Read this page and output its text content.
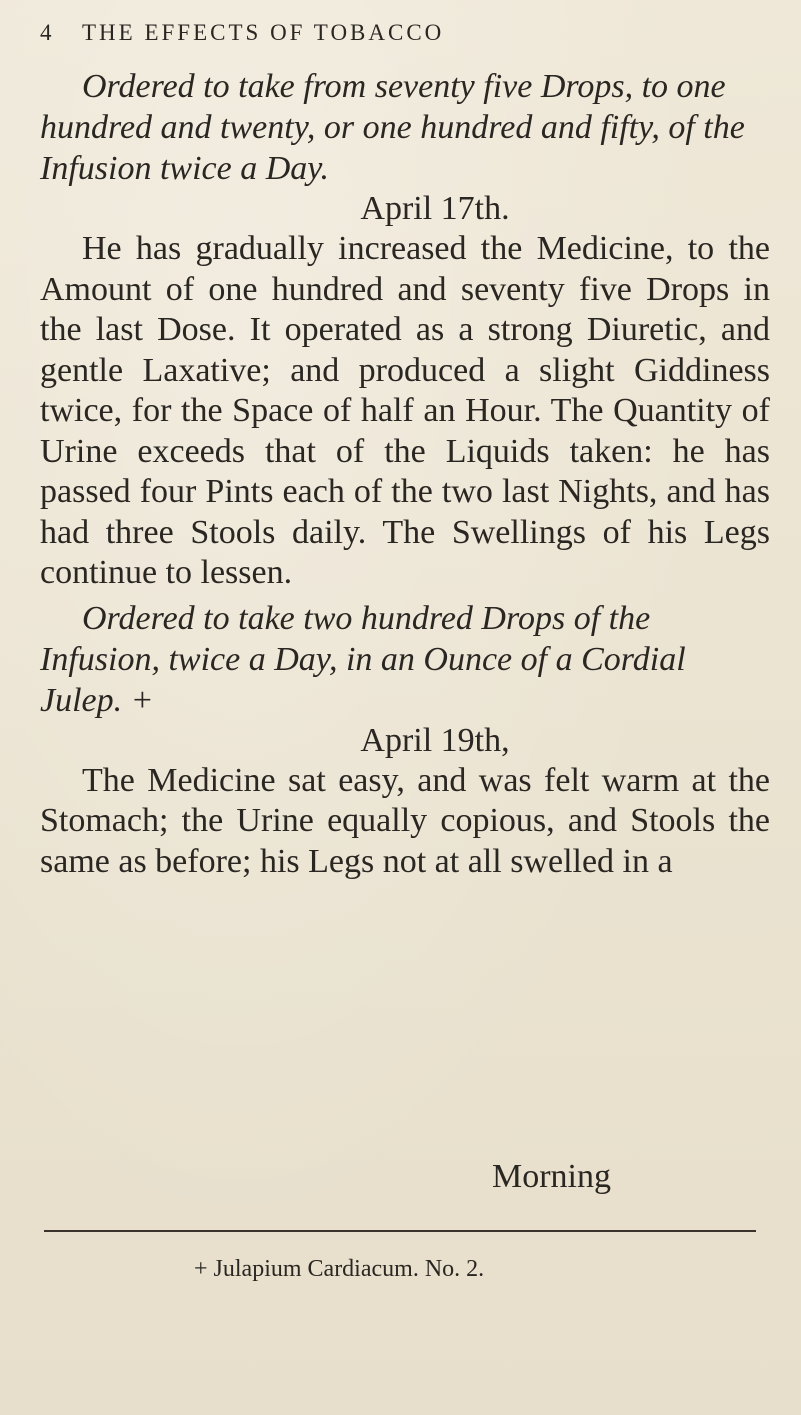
4 THE EFFECTS OF TOBACCO

Ordered to take from seventy five Drops, to one hundred and twenty, or one hundred and fifty, of the Infusion twice a Day.

April 17th.

He has gradually increased the Medicine, to the Amount of one hundred and seventy five Drops in the last Dose. It operated as a strong Diuretic, and gentle Laxative; and produced a slight Giddiness twice, for the Space of half an Hour. The Quantity of Urine exceeds that of the Liquids taken: he has passed four Pints each of the two last Nights, and has had three Stools daily. The Swellings of his Legs continue to lessen.

Ordered to take two hundred Drops of the Infusion, twice a Day, in an Ounce of a Cordial Julep. +

April 19th,

The Medicine sat easy, and was felt warm at the Stomach; the Urine equally copious, and Stools the same as before; his Legs not at all swelled in a

Morning
+ Julapium Cardiacum. No. 2.
